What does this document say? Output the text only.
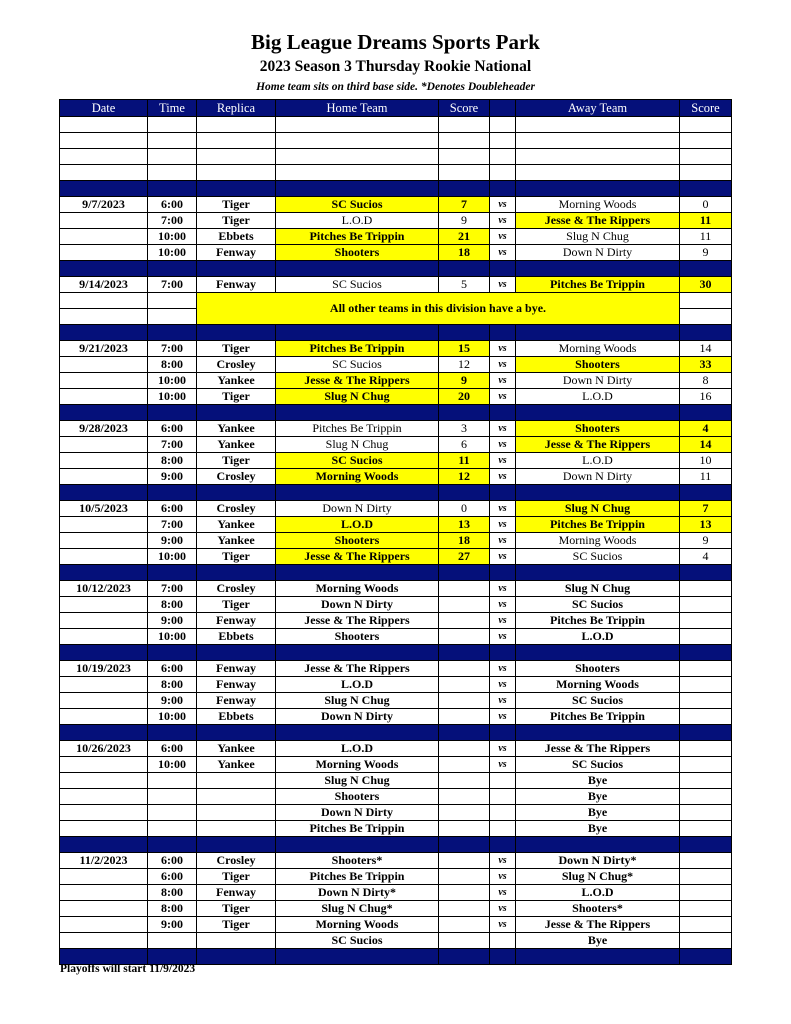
Big League Dreams Sports Park
2023 Season 3 Thursday Rookie National
Home team sits on third base side. *Denotes Doubleheader
Date	Time	Replica	Home Team	Score		Away Team	Score

9/7/2023	6:00	Tiger	SC Sucios	7	vs	Morning Woods	0
	7:00	Tiger	L.O.D	9	vs	Jesse & The Rippers	11
	10:00	Ebbets	Pitches Be Trippin	21	vs	Slug N Chug	11
	10:00	Fenway	Shooters	18	vs	Down N Dirty	9

9/14/2023	7:00	Fenway	SC Sucios	5	vs	Pitches Be Trippin	30
		All other teams in this division have a bye.					

9/21/2023	7:00	Tiger	Pitches Be Trippin	15	vs	Morning Woods	14
	8:00	Crosley	SC Sucios	12	vs	Shooters	33
	10:00	Yankee	Jesse & The Rippers	9	vs	Down N Dirty	8
	10:00	Tiger	Slug N Chug	20	vs	L.O.D	16

9/28/2023	6:00	Yankee	Pitches Be Trippin	3	vs	Shooters	4
	7:00	Yankee	Slug N Chug	6	vs	Jesse & The Rippers	14
	8:00	Tiger	SC Sucios	11	vs	L.O.D	10
	9:00	Crosley	Morning Woods	12	vs	Down N Dirty	11

10/5/2023	6:00	Crosley	Down N Dirty	0	vs	Slug N Chug	7
	7:00	Yankee	L.O.D	13	vs	Pitches Be Trippin	13
	9:00	Yankee	Shooters	18	vs	Morning Woods	9
	10:00	Tiger	Jesse & The Rippers	27	vs	SC Sucios	4

10/12/2023	7:00	Crosley	Morning Woods		vs	Slug N Chug	
	8:00	Tiger	Down N Dirty		vs	SC Sucios	
	9:00	Fenway	Jesse & The Rippers		vs	Pitches Be Trippin	
	10:00	Ebbets	Shooters		vs	L.O.D	

10/19/2023	6:00	Fenway	Jesse & The Rippers		vs	Shooters	
	8:00	Fenway	L.O.D		vs	Morning Woods	
	9:00	Fenway	Slug N Chug		vs	SC Sucios	
	10:00	Ebbets	Down N Dirty		vs	Pitches Be Trippin	

10/26/2023	6:00	Yankee	L.O.D		vs	Jesse & The Rippers	
	10:00	Yankee	Morning Woods		vs	SC Sucios	
			Slug N Chug			Bye	
			Shooters			Bye	
			Down N Dirty			Bye	
			Pitches Be Trippin			Bye	

11/2/2023	6:00	Crosley	Shooters*		vs	Down N Dirty*	
	6:00	Tiger	Pitches Be Trippin		vs	Slug N Chug*	
	8:00	Fenway	Down N Dirty*		vs	L.O.D	
	8:00	Tiger	Slug N Chug*		vs	Shooters*	
	9:00	Tiger	Morning Woods		vs	Jesse & The Rippers	
			SC Sucios			Bye	

Playoffs will start 11/9/2023
